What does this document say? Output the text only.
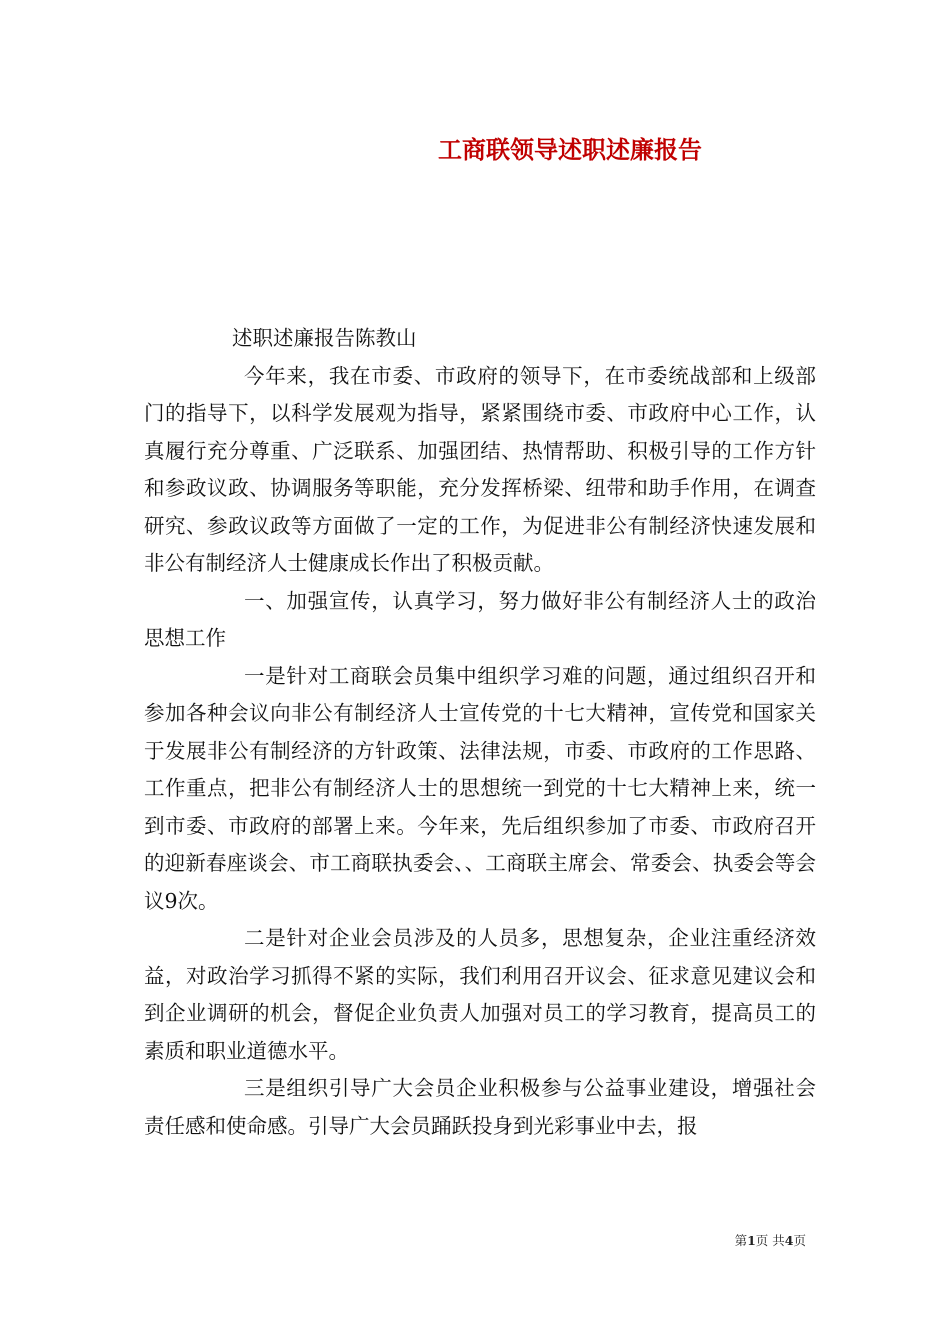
工商联领导述职述廉报告

述职述廉报告陈教山

今年来，我在市委、市政府的领导下，在市委统战部和上级部门的指导下，以科学发展观为指导，紧紧围绕市委、市政府中心工作，认真履行充分尊重、广泛联系、加强团结、热情帮助、积极引导的工作方针和参政议政、协调服务等职能，充分发挥桥梁、纽带和助手作用，在调查研究、参政议政等方面做了一定的工作，为促进非公有制经济快速发展和非公有制经济人士健康成长作出了积极贡献。

一、加强宣传，认真学习，努力做好非公有制经济人士的政治思想工作

一是针对工商联会员集中组织学习难的问题，通过组织召开和参加各种会议向非公有制经济人士宣传党的十七大精神，宣传党和国家关于发展非公有制经济的方针政策、法律法规，市委、市政府的工作思路、工作重点，把非公有制经济人士的思想统一到党的十七大精神上来，统一到市委、市政府的部署上来。今年来，先后组织参加了市委、市政府召开的迎新春座谈会、市工商联执委会、、工商联主席会、常委会、执委会等会议9次。

二是针对企业会员涉及的人员多，思想复杂，企业注重经济效益，对政治学习抓得不紧的实际，我们利用召开议会、征求意见建议会和到企业调研的机会，督促企业负责人加强对员工的学习教育，提高员工的素质和职业道德水平。

三是组织引导广大会员企业积极参与公益事业建设，增强社会责任感和使命感。引导广大会员踊跃投身到光彩事业中去，报

第1页 共4页
